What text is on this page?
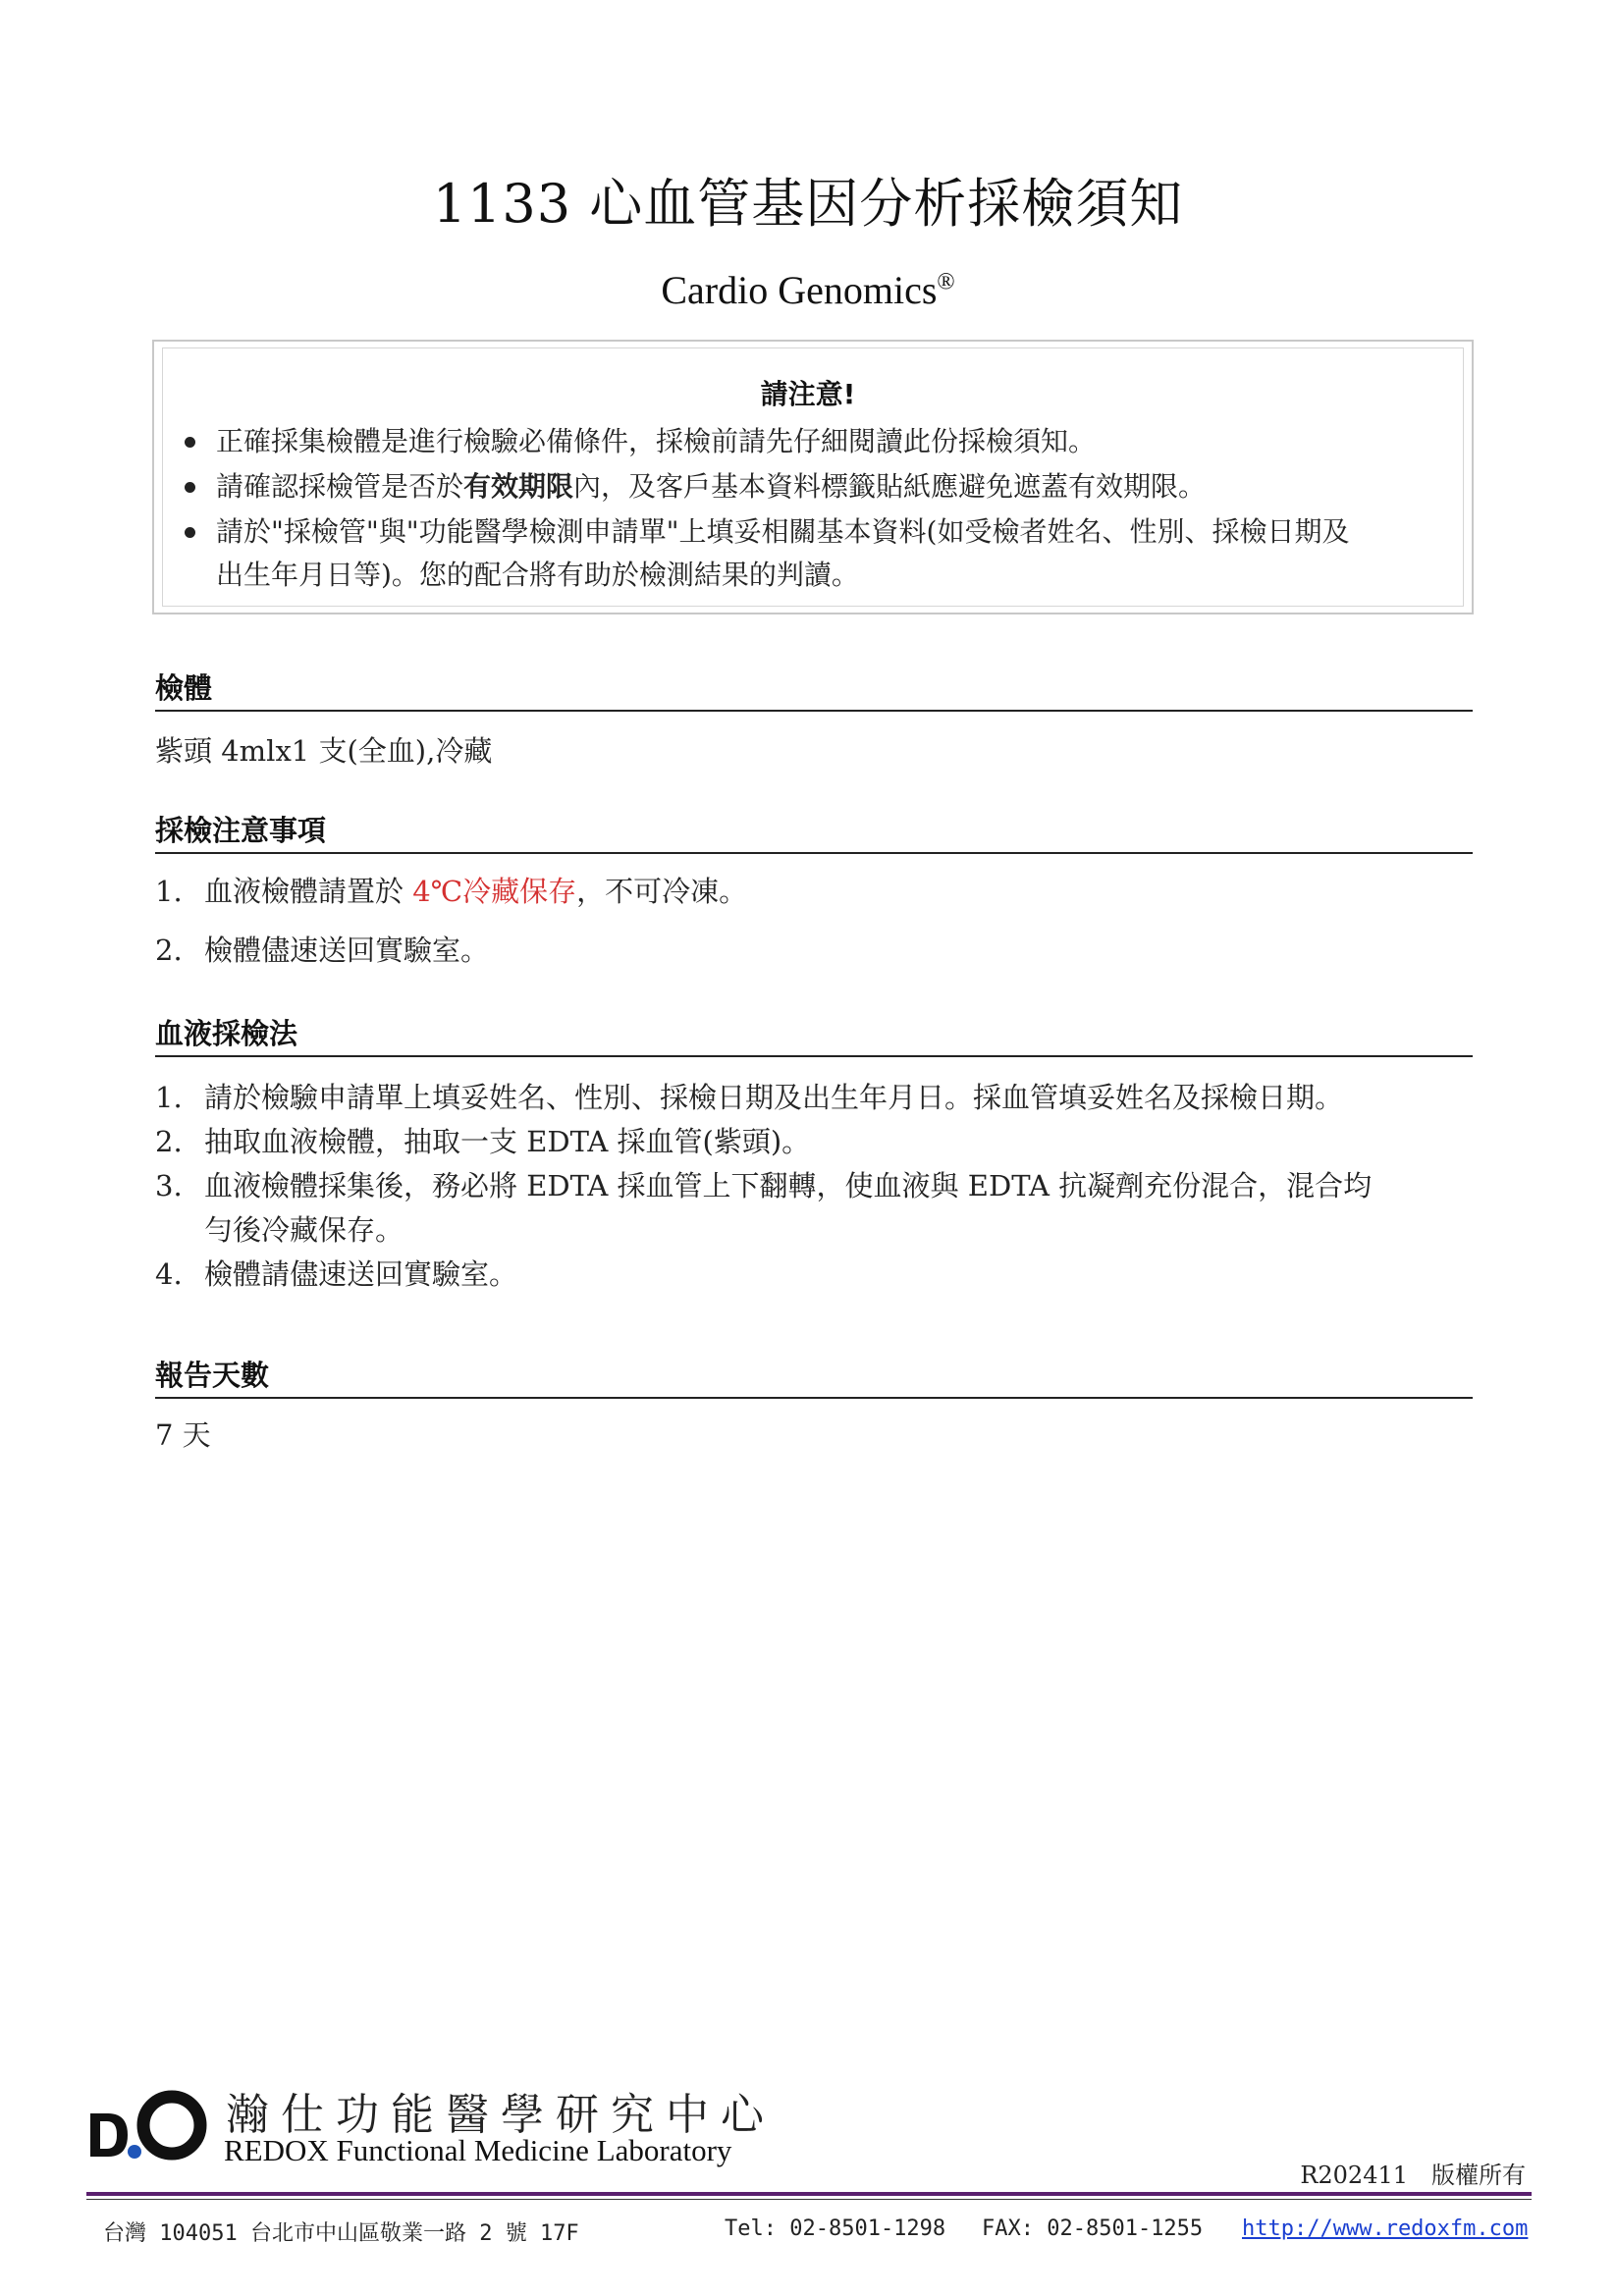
1133 心血管基因分析採檢須知
Cardio Genomics®
請注意!
正確採集檢體是進行檢驗必備條件，採檢前請先仔細閱讀此份採檢須知。
請確認採檢管是否於有效期限內，及客戶基本資料標籤貼紙應避免遮蓋有效期限。
請於"採檢管"與"功能醫學檢測申請單"上填妥相關基本資料(如受檢者姓名、性別、採檢日期及
出生年月日等)。您的配合將有助於檢測結果的判讀。
檢體
紫頭 4mlx1 支(全血),冷藏
採檢注意事項
1. 血液檢體請置於 4℃冷藏保存，不可冷凍。
2. 檢體儘速送回實驗室。
血液採檢法
1. 請於檢驗申請單上填妥姓名、性別、採檢日期及出生年月日。採血管填妥姓名及採檢日期。
2. 抽取血液檢體，抽取一支 EDTA 採血管(紫頭)。
3. 血液檢體採集後，務必將 EDTA 採血管上下翻轉，使血液與 EDTA 抗凝劑充份混合，混合均
勻後冷藏保存。
4. 檢體請儘速送回實驗室。
報告天數
7 天
瀚仕功能醫學研究中心
REDOX Functional Medicine Laboratory
R202411　版權所有
台灣 104051 台北市中山區敬業一路 2 號 17F	Tel: 02-8501-1298 FAX: 02-8501-1255 http://www.redoxfm.com
